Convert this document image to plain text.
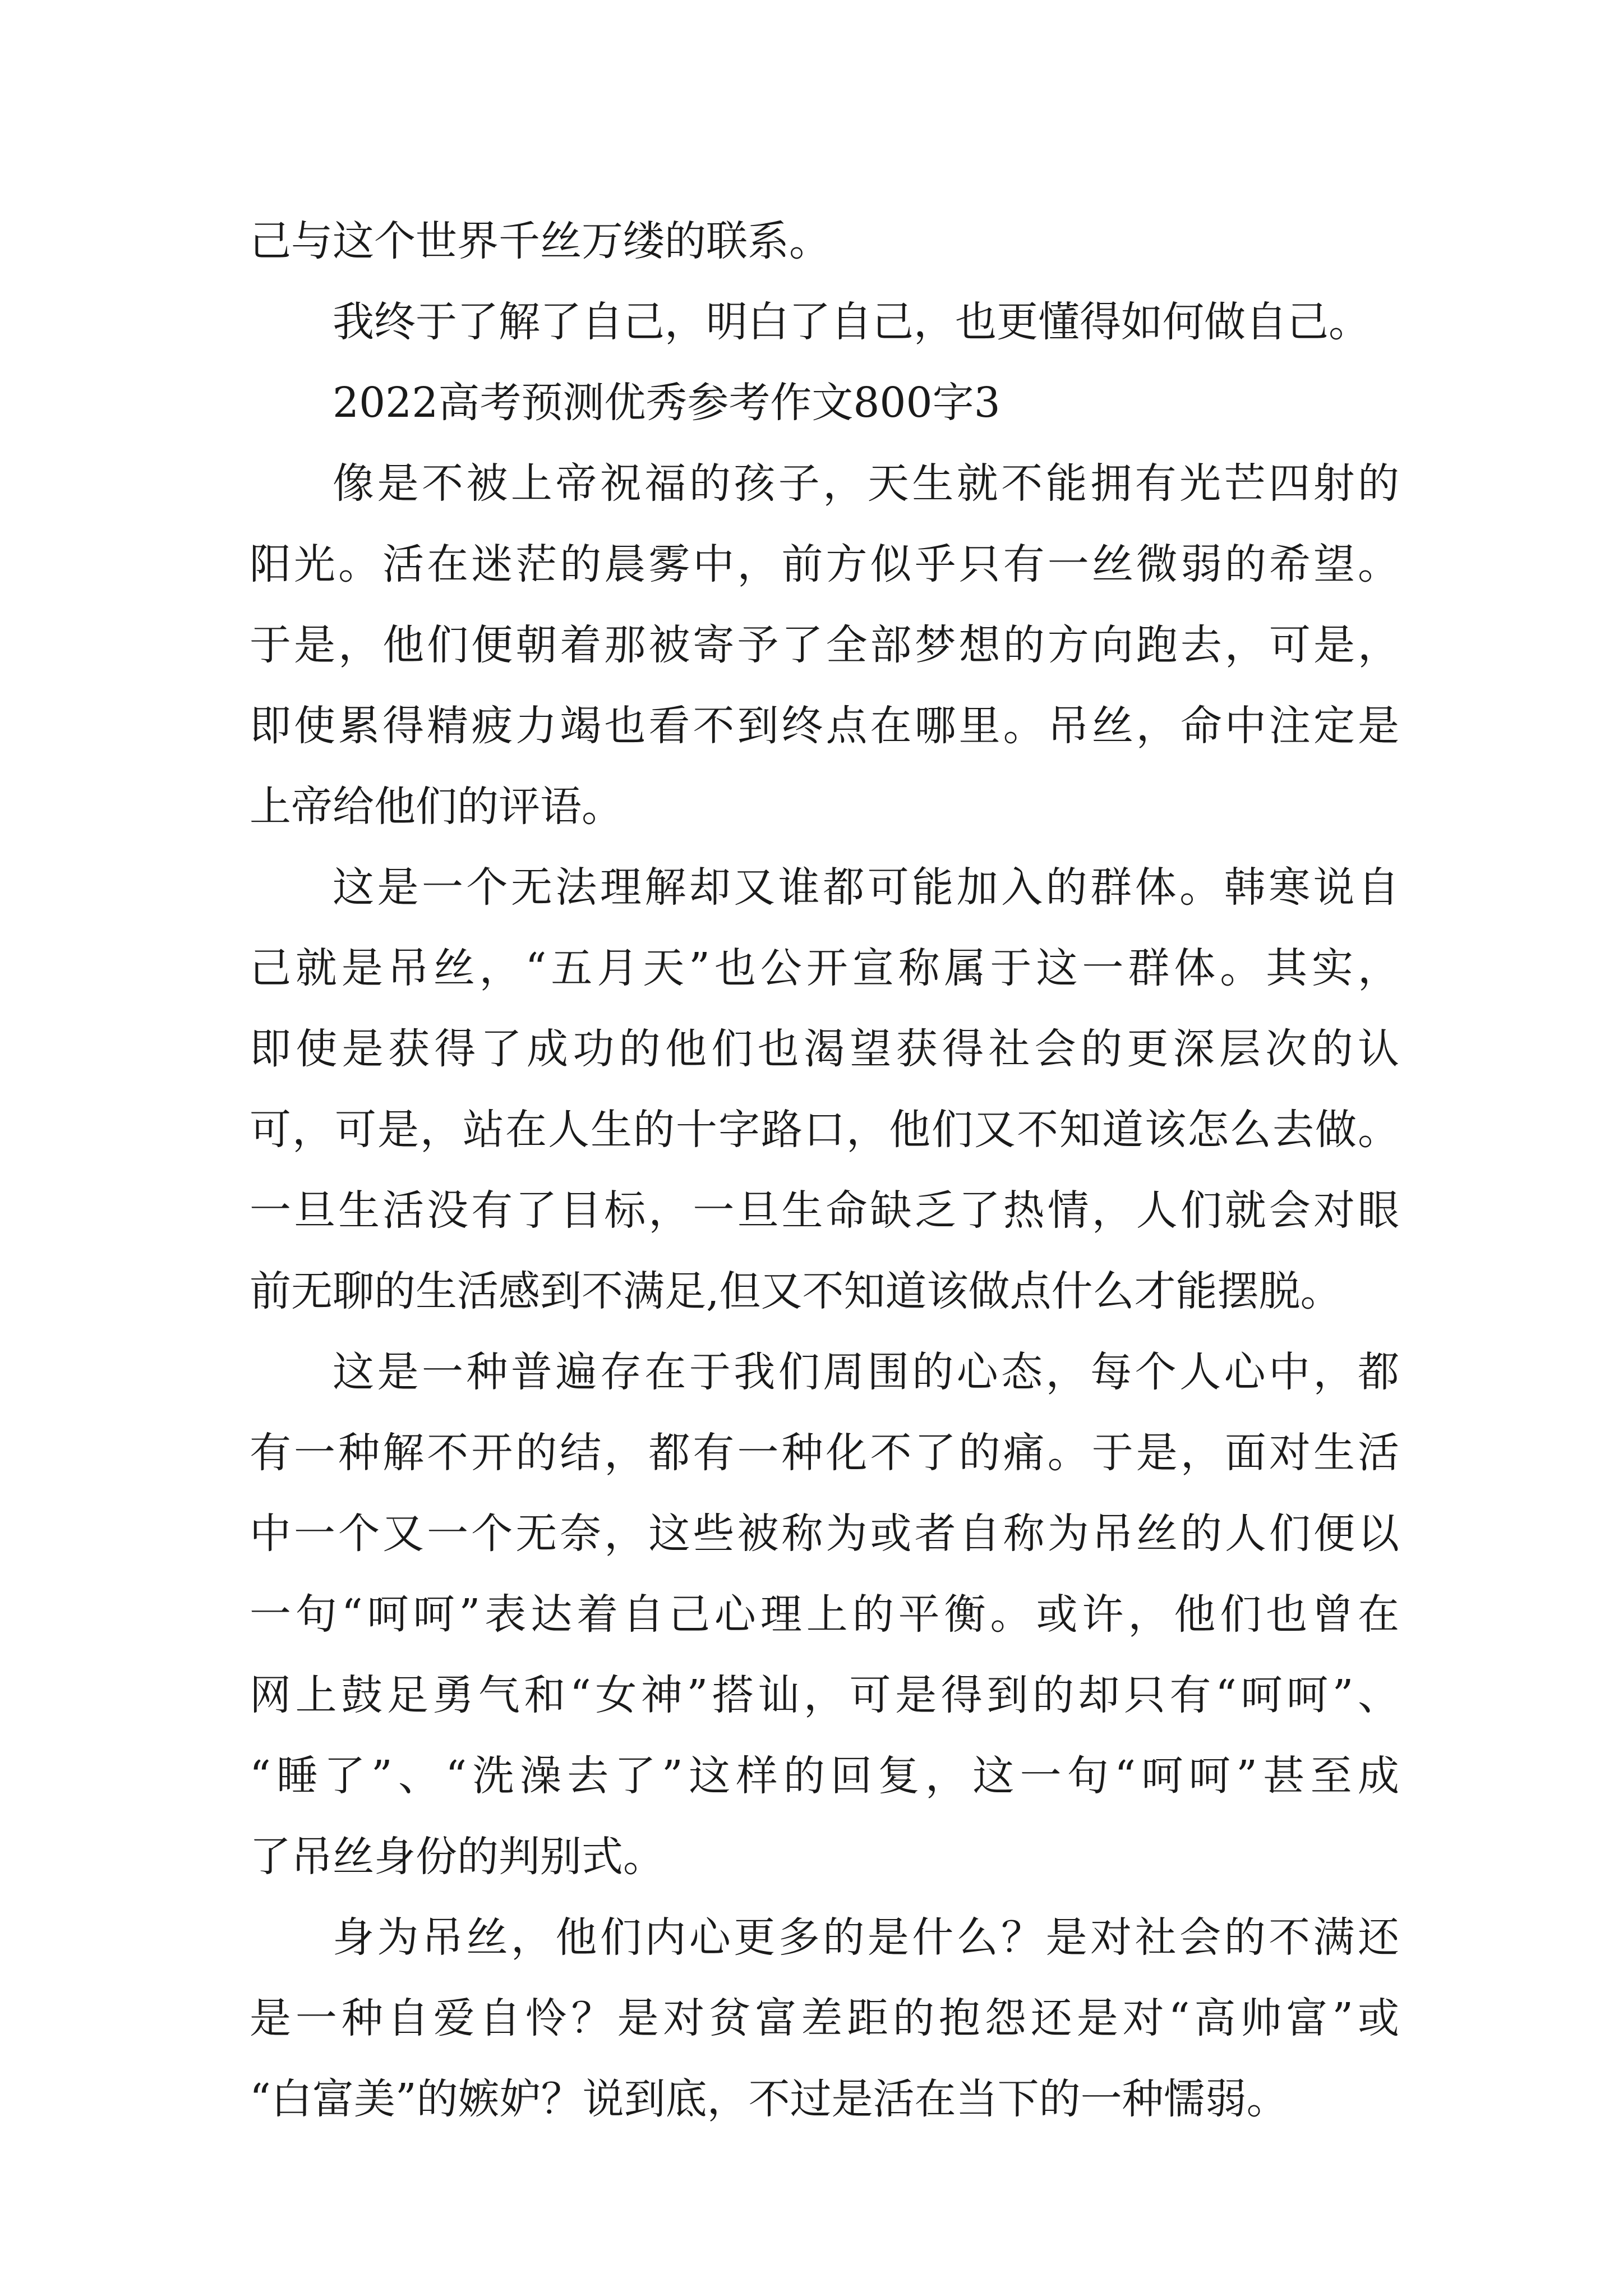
己与这个世界千丝万缕的联系。
我终于了解了自己，明白了自己，也更懂得如何做自己。
2022高考预测优秀参考作文800字3
像是不被上帝祝福的孩子，天生就不能拥有光芒四射的
阳光。活在迷茫的晨雾中，前方似乎只有一丝微弱的希望。
于是，他们便朝着那被寄予了全部梦想的方向跑去，可是，
即使累得精疲力竭也看不到终点在哪里。吊丝，命中注定是
上帝给他们的评语。
这是一个无法理解却又谁都可能加入的群体。韩寒说自
己就是吊丝，“五月天”也公开宣称属于这一群体。其实，
即使是获得了成功的他们也渴望获得社会的更深层次的认
可，可是，站在人生的十字路口，他们又不知道该怎么去做。
一旦生活没有了目标，一旦生命缺乏了热情，人们就会对眼
前无聊的生活感到不满足,但又不知道该做点什么才能摆脱。
这是一种普遍存在于我们周围的心态，每个人心中，都
有一种解不开的结，都有一种化不了的痛。于是，面对生活
中一个又一个无奈，这些被称为或者自称为吊丝的人们便以
一句“呵呵”表达着自己心理上的平衡。或许，他们也曾在
网上鼓足勇气和“女神”搭讪，可是得到的却只有“呵呵”、
“睡了”、“洗澡去了”这样的回复，这一句“呵呵”甚至成
了吊丝身份的判别式。
身为吊丝，他们内心更多的是什么？是对社会的不满还
是一种自爱自怜？是对贫富差距的抱怨还是对“高帅富”或
“白富美”的嫉妒？说到底，不过是活在当下的一种懦弱。
